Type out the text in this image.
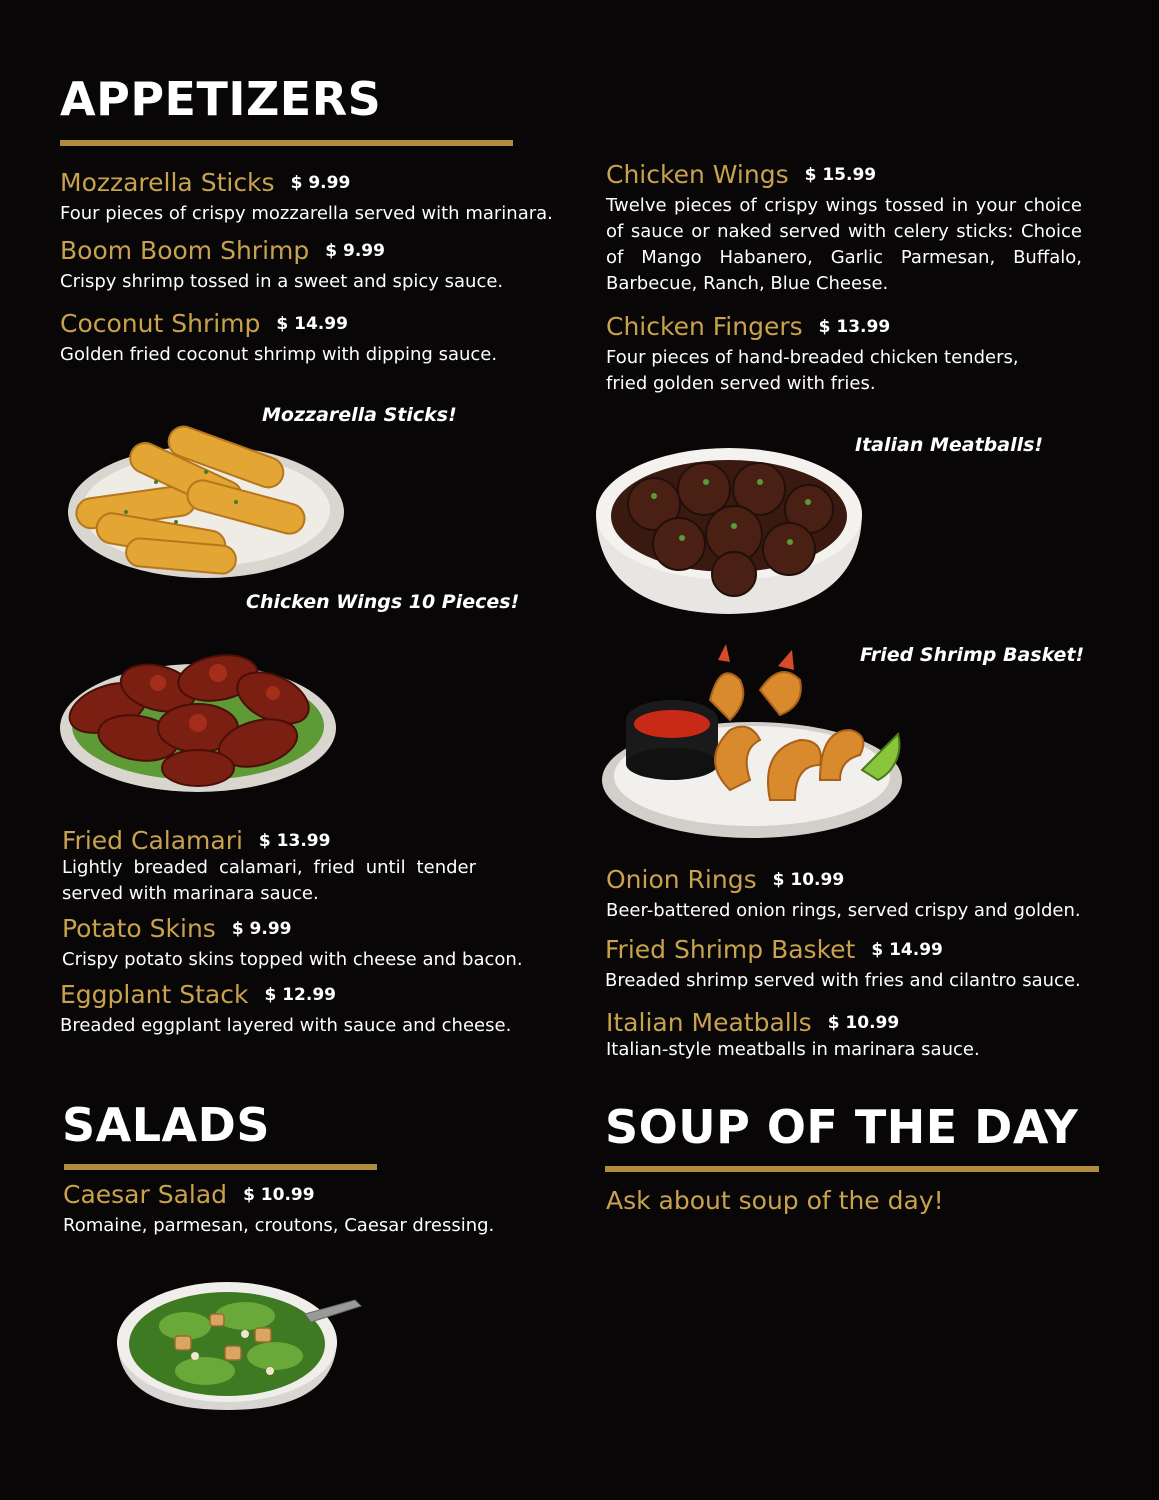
APPETIZERS
Mozzarella Sticks $ 9.99
Four pieces of crispy mozzarella served with marinara.
Boom Boom Shrimp $ 9.99
Crispy shrimp tossed in a sweet and spicy sauce.
Coconut Shrimp $ 14.99
Golden fried coconut shrimp with dipping sauce.
Chicken Wings $ 15.99
Twelve pieces of crispy wings tossed in your choice of sauce or naked served with celery sticks: Choice of Mango Habanero, Garlic Parmesan, Buffalo, Barbecue, Ranch, Blue Cheese.
Chicken Fingers $ 13.99
Four pieces of hand-breaded chicken tenders, fried golden served with fries.
Mozzarella Sticks!
Chicken Wings 10 Pieces!
Italian Meatballs!
Fried Shrimp Basket!
Fried Calamari $ 13.99
Lightly breaded calamari, fried until tender served with marinara sauce.
Potato Skins $ 9.99
Crispy potato skins topped with cheese and bacon.
Eggplant Stack $ 12.99
Breaded eggplant layered with sauce and cheese.
Onion Rings $ 10.99
Beer-battered onion rings, served crispy and golden.
Fried Shrimp Basket $ 14.99
Breaded shrimp served with fries and cilantro sauce.
Italian Meatballs $ 10.99
Italian-style meatballs in marinara sauce.
SALADS
Caesar Salad $ 10.99
Romaine, parmesan, croutons, Caesar dressing.
SOUP OF THE DAY
Ask about soup of the day!
